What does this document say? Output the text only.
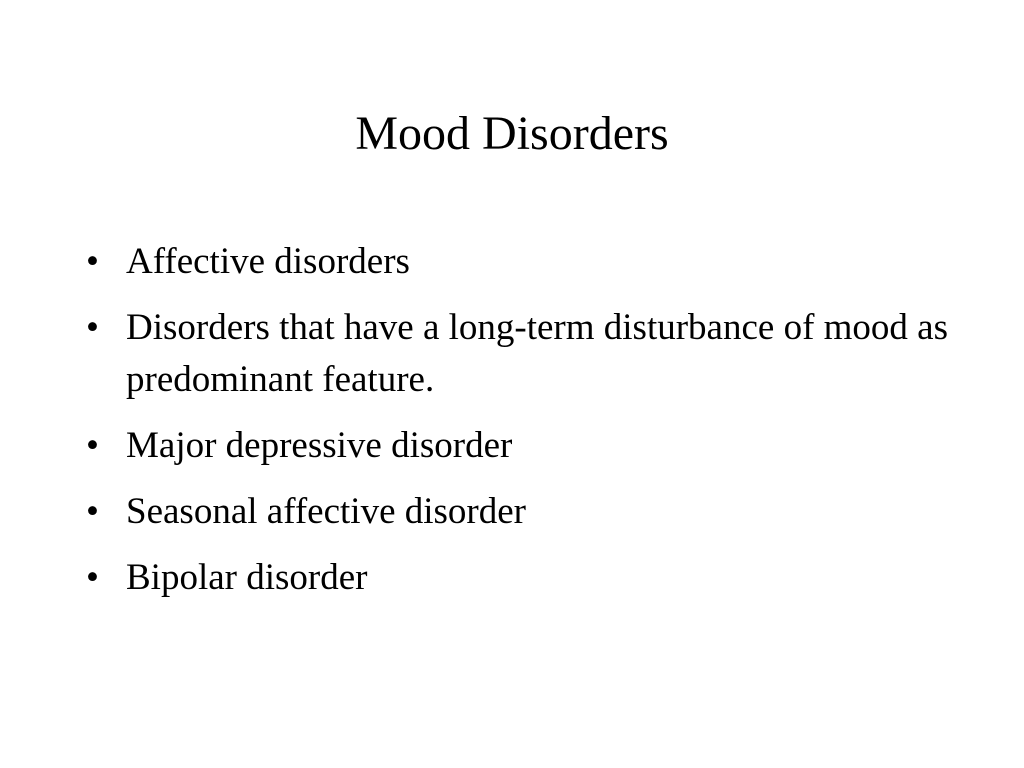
Mood Disorders
• Affective disorders
• Disorders that have a long-term disturbance of mood as predominant feature.
• Major depressive disorder
• Seasonal affective disorder
• Bipolar disorder
